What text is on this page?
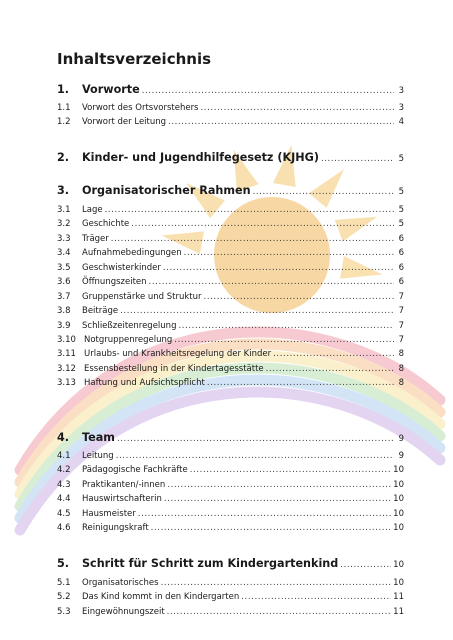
Inhaltsverzeichnis
1.	Vorworte .....	3
1.1	Vorwort des Ortsvorstehers .....	3
1.2	Vorwort der Leitung .....	4
2.	Kinder- und Jugendhilfegesetz (KJHG) .....	5
3.	Organisatorischer Rahmen .....	5
3.1	Lage .....	5
3.2	Geschichte .....	5
3.3	Träger .....	6
3.4	Aufnahmebedingungen .....	6
3.5	Geschwisterkinder .....	6
3.6	Öffnungszeiten .....	6
3.7	Gruppenstärke und Struktur .....	7
3.8	Beiträge .....	7
3.9	Schließzeitenregelung .....	7
3.10 Notgruppenregelung .....	7
3.11 Urlaubs- und Krankheitsregelung der Kinder .....	8
3.12 Essensbestellung in der Kindertagesstätte .....	8
3.13 Haftung und Aufsichtspflicht .....	8
4.	Team .....	9
4.1	Leitung .....	9
4.2	Pädagogische Fachkräfte .....	10
4.3	Praktikanten/-innen .....	10
4.4	Hauswirtschafterin .....	10
4.5	Hausmeister .....	10
4.6	Reinigungskraft .....	10
5.	Schritt für Schritt zum Kindergartenkind .....	10
5.1	Organisatorisches .....	10
5.2	Das Kind kommt in den Kindergarten .....	11
5.3	Eingewöhnungszeit .....	11
